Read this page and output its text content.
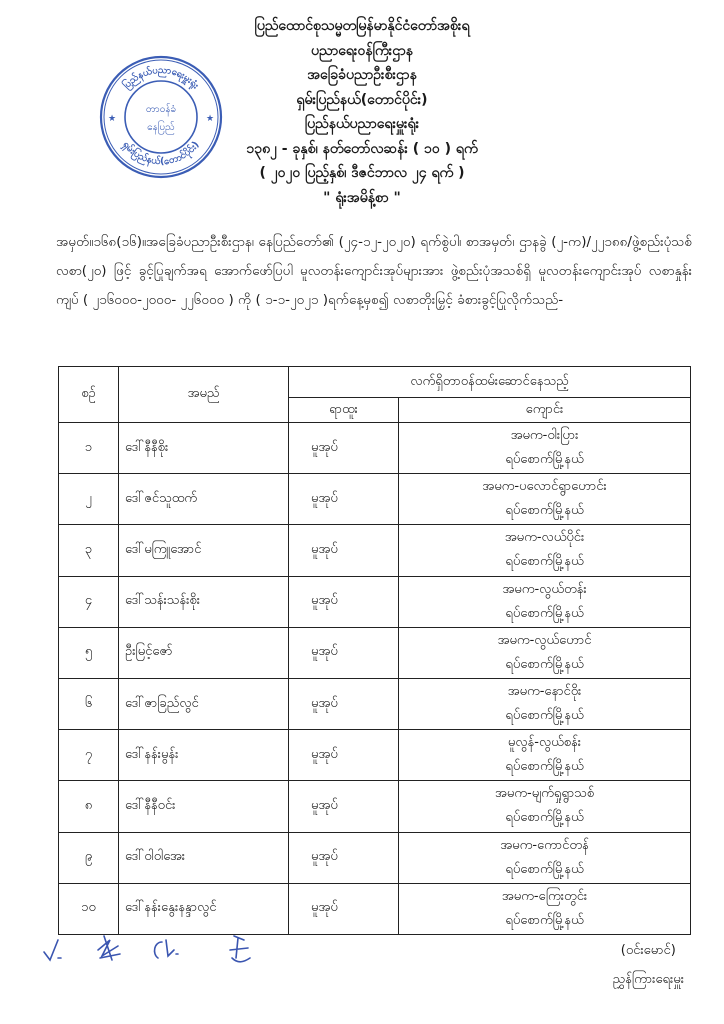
ပြည်ထောင်စုသမ္မတမြန်မာနိုင်ငံတော်အစိုးရ
ပညာရေးဝန်ကြီးဌာန
အခြေခံပညာဦးစီးဌာန
ရှမ်းပြည်နယ်(တောင်ပိုင်း)
ပြည်နယ်ပညာရေးမှူးရုံး
၁၃၈၂ - ခုနှစ်၊ နတ်တော်လဆန်း ( ၁၀ ) ရက်
( ၂၀၂၀ ပြည့်နှစ်၊ ဒီဇင်ဘာလ ၂၄ ရက် )
" ရုံးအမိန့်စာ "
ပြည်နယ်ပညာရေးမှူးရုံး
ရှမ်းပြည်နယ်(တောင်ပိုင်း)
တာဝန်ခံ
နေပြည်
★	★
အမှတ်။၁၆၈(၁၆)။အခြေခံပညာဦးစီးဌာန၊ နေပြည်တော်၏ (၂၄-၁၂-၂၀၂၀) ရက်စွဲပါ၊ စာအမှတ်၊ ဌာနခွဲ (၂-က)/၂၂၁၈၈/ဖွဲ့စည်းပုံသစ်လစာ(၂၀) ဖြင့် ခွင့်ပြုချက်အရ အောက်ဖော်ပြပါ မူလတန်းကျောင်းအုပ်များအား ဖွဲ့စည်းပုံအသစ်ရှိ မူလတန်းကျောင်းအုပ် လစာနှုန်းကျပ် ( ၂၁၆၀၀၀-၂၀၀၀- ၂၂၆၀၀၀ ) ကို ( ၁-၁-၂၀၂၁ )ရက်နေ့မှစ၍ လစာတိုးမြှင့် ခံစားခွင့်ပြုလိုက်သည်-
စဉ်	အမည်	လက်ရှိတာဝန်ထမ်းဆောင်နေသည့်	
		ရာထူး	ကျောင်း
၁	ဒေါ်နီနီစိုး	မူအုပ်	အမက-ဝါးပြား
ရပ်စောက်မြို့နယ်

၂	ဒေါ်ဇင်သူထက်	မူအုပ်	အမက-ပလောင်ရွာဟောင်း
ရပ်စောက်မြို့နယ်

၃	ဒေါ်မကြူအောင်	မူအုပ်	အမက-လယ်ပိုင်း
ရပ်စောက်မြို့နယ်

၄	ဒေါ်သန်းသန်းစိုး	မူအုပ်	အမက-လွယ်တန်း
ရပ်စောက်မြို့နယ်

၅	ဦးမြင့်ဇော်	မူအုပ်	အမက-လွယ်ဟောင်
ရပ်စောက်မြို့နယ်

၆	ဒေါ်ဇာခြည်လွင်	မူအုပ်	အမက-နောင်ဝိုး
ရပ်စောက်မြို့နယ်

၇	ဒေါ်နန်းမွန်း	မူအုပ်	မူလွန်-လွယ်စန်း
ရပ်စောက်မြို့နယ်

၈	ဒေါ်နီနီဝင်း	မူအုပ်	အမက-မျက်ရှုရွာသစ်
ရပ်စောက်မြို့နယ်

၉	ဒေါ်ဝါဝါအေး	မူအုပ်	အမက-ကောင်တန်
ရပ်စောက်မြို့နယ်

၁၀	ဒေါ်နန်းနွေးနန္ဒာလွင်	မူအုပ်	အမက-ကြေးတွင်း
ရပ်စောက်မြို့နယ်
(ဝင်းမောင်)
ညွှန်ကြားရေးမှူး
